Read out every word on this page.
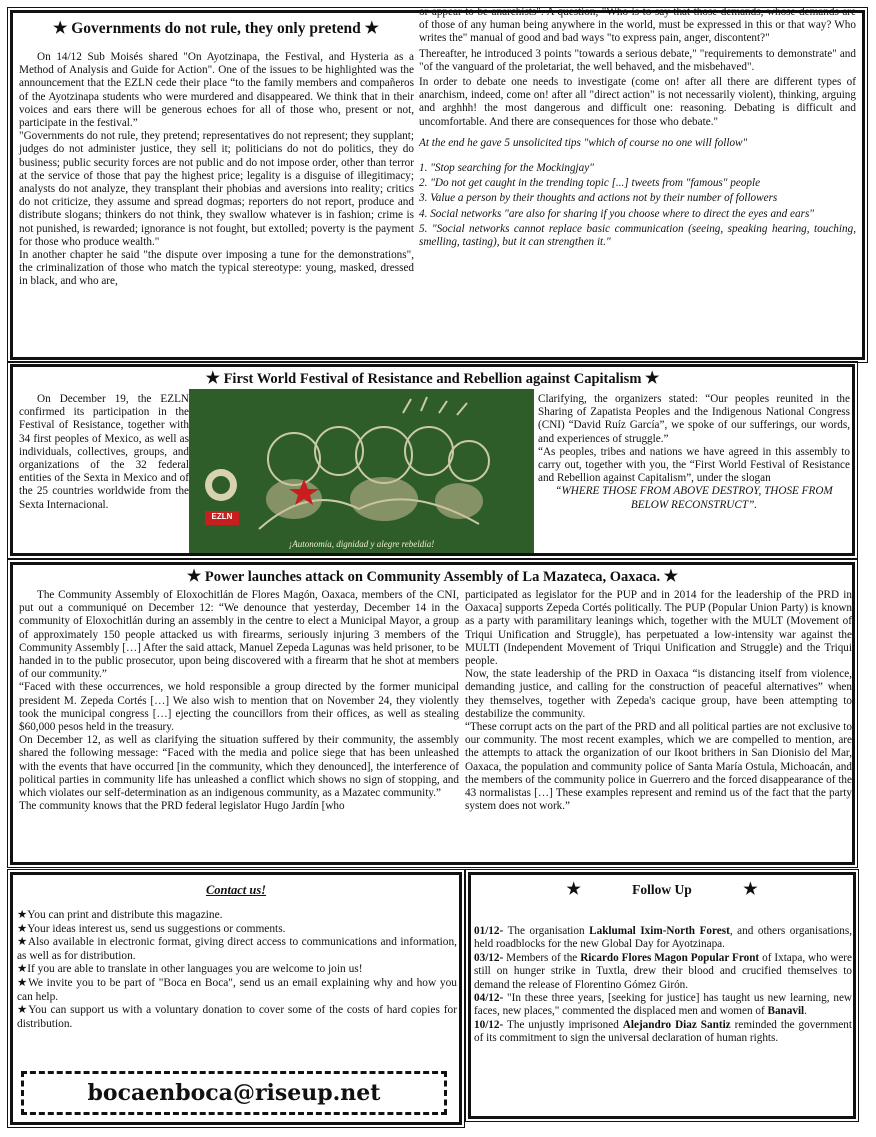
★ Governments do not rule, they only pretend ★

On 14/12 Sub Moisés shared "On Ayotzinapa, the Festival, and Hysteria as a Method of Analysis and Guide for Action". One of the issues to be highlighted was the announcement that the EZLN cede their place “to the family members and compañeros of the Ayotzinapa students who were murdered and disappeared. We think that in their voices and ears there will be generous echoes for all of those who, present or not, participate in the festival.”

"Governments do not rule, they pretend; representatives do not represent; they supplant; judges do not administer justice, they sell it; politicians do not do politics, they do business; public security forces are not public and do not impose order, other than terror at the service of those that pay the highest price; legality is a disguise of illegitimacy; analysts do not analyze, they transplant their phobias and aversions into reality; critics do not criticize, they assume and spread dogmas; reporters do not report, produce and distribute slogans; thinkers do not think, they swallow whatever is in fashion; crime is not punished, is rewarded; ignorance is not fought, but extolled; poverty is the payment for those who produce wealth."

In another chapter he said "the dispute over imposing a tune for the demonstrations", the criminalization of those who match the typical stereotype: young, masked, dressed in black, and who are,

or appear to be anarchists". A question, "Who is to say that those demands, whose demands are of those of any human being anywhere in the world, must be expressed in this or that way? Who writes the" manual of good and bad ways "to express pain, anger, discontent?"

Thereafter, he introduced 3 points "towards a serious debate," "requirements to demonstrate" and "of the vanguard of the proletariat, the well behaved, and the misbehaved".

In order to debate one needs to investigate (come on! after all there are different types of anarchism, indeed, come on! after all "direct action" is not necessarily violent), thinking, arguing and arghhh! the most dangerous and difficult one: reasoning. Debating is difficult and uncomfortable. And there are consequences for those who debate."

At the end he gave 5 unsolicited tips "which of course no one will follow"

1. "Stop searching for the Mockingjay"

2. "Do not get caught in the trending topic [...] tweets from "famous" people

3. Value a person by their thoughts and actions not by their number of followers

4. Social networks "are also for sharing if you choose where to direct the eyes and ears"

5. "Social networks cannot replace basic communication (seeing, speaking hearing, touching, smelling, tasting), but it can strengthen it."

★ First World Festival of Resistance and Rebellion against Capitalism ★

On December 19, the EZLN confirmed its participation in the Festival of Resistance, together with 34 first peoples of Mexico, as well as individuals, collectives, groups, and organizations of the 32 federal entities of the Sexta in Mexico and of the 25 countries worldwide from the Sexta Internacional.

EZLN
¡Autonomía, dignidad y alegre rebeldía!

Clarifying, the organizers stated: “Our peoples reunited in the Sharing of Zapatista Peoples and the Indigenous National Congress (CNI) “David Ruíz García”, we spoke of our sufferings, our words, and experiences of struggle.”

“As peoples, tribes and nations we have agreed in this assembly to carry out, together with you, the “First World Festival of Resistance and Rebellion against Capitalism”, under the slogan

“WHERE THOSE FROM ABOVE DESTROY, THOSE FROM BELOW RECONSTRUCT”.

★ Power launches attack on Community Assembly of La Mazateca, Oaxaca. ★

The Community Assembly of Eloxochitlán de Flores Magón, Oaxaca, members of the CNI, put out a communiqué on December 12: “We denounce that yesterday, December 14 in the community of Eloxochitlán during an assembly in the centre to elect a Municipal Mayor, a group of approximately 150 people attacked us with firearms, seriously injuring 3 members of the Community Assembly […] After the said attack, Manuel Zepeda Lagunas was held prisoner, to be handed in to the public prosecutor, upon being discovered with a firearm that he shot at members of our community.”

“Faced with these occurrences, we hold responsible a group directed by the former municipal president M. Zepeda Cortés […] We also wish to mention that on November 24, they violently took the municipal congress […] ejecting the councillors from their offices, as well as stealing $60,000 pesos held in the treasury.

On December 12, as well as clarifying the situation suffered by their community, the assembly shared the following message: “Faced with the media and police siege that has been unleashed with the events that have occurred [in the community, which they denounced], the interference of political parties in community life has unleashed a conflict which shows no sign of stopping, and which violates our self-determination as an indigenous community, as a Mazatec community.”

The community knows that the PRD federal legislator Hugo Jardín [who

participated as legislator for the PUP and in 2014 for the leadership of the PRD in Oaxaca] supports Zepeda Cortés politically. The PUP (Popular Union Party) is known as a party with paramilitary leanings which, together with the MULT (Movement of Triqui Unification and Struggle), has perpetuated a low-intensity war against the MULTI (Independent Movement of Triqui Unification and Struggle) and the Triqui people.

Now, the state leadership of the PRD in Oaxaca “is distancing itself from violence, demanding justice, and calling for the construction of peaceful alternatives” when they themselves, together with Zepeda's cacique group, have been attempting to destabilize the community.

“These corrupt acts on the part of the PRD and all political parties are not exclusive to our community. The most recent examples, which we are compelled to mention, are the attempts to attack the organization of our Ikoot brithers in San Dionisio del Mar, Oaxaca, the population and community police of Santa María Ostula, Michoacán, and the members of the community police in Guerrero and the forced disappearance of the 43 normalistas […] These examples represent and remind us of the fact that the party system does not work.”

Contact us!

★You can print and distribute this magazine.

★Your ideas interest us, send us suggestions or comments.

★Also available in electronic format, giving direct access to communications and information, as well as for distribution.

★If you are able to translate in other languages you are welcome to join us!

★We invite you to be part of "Boca en Boca", send us an email explaining why and how you can help.

★You can support us with a voluntary donation to cover some of the costs of hard copies for distribution.

bocaenboca@riseup.net
★	Follow Up	★

01/12- The organisation Laklumal Ixim-North Forest, and others organisations, held roadblocks for the new Global Day for Ayotzinapa.

03/12- Members of the Ricardo Flores Magon Popular Front of Ixtapa, who were still on hunger strike in Tuxtla, drew their blood and crucified themselves to demand the release of Florentino Gómez Girón.

04/12- "In these three years, [seeking for justice] has taught us new learning, new faces, new places," commented the displaced men and women of Banavil.

10/12- The unjustly imprisoned Alejandro Diaz Santiz reminded the government of its commitment to sign the universal declaration of human rights.
